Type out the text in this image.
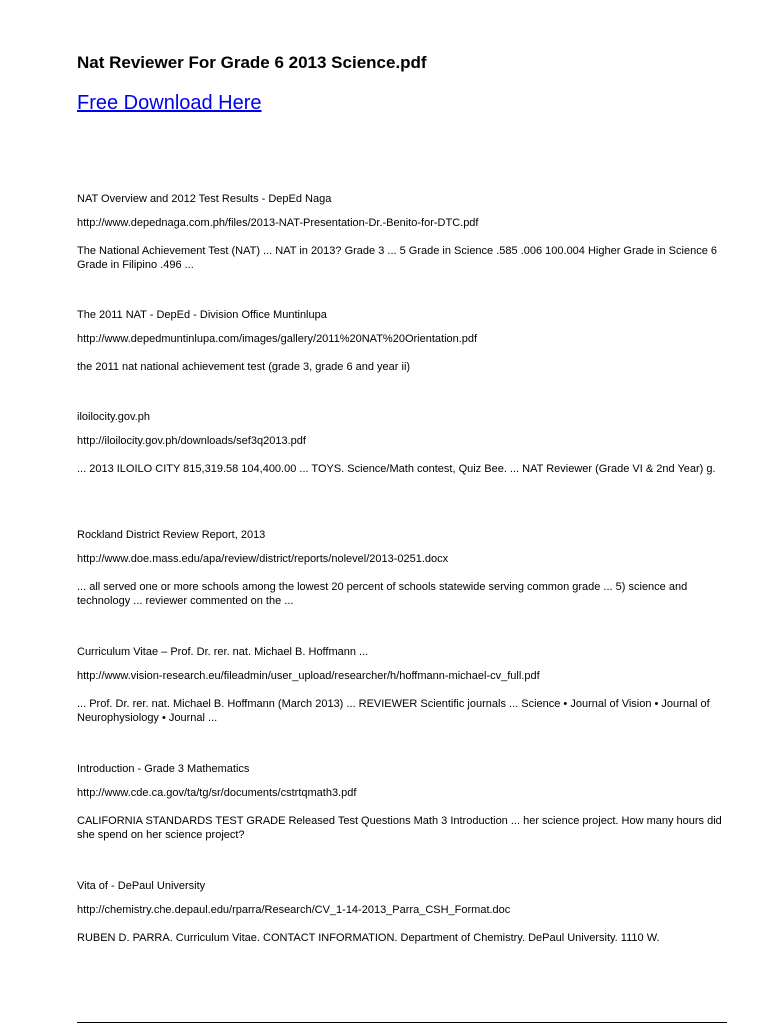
Nat Reviewer For Grade 6 2013 Science.pdf
Free Download Here
NAT Overview and 2012 Test Results - DepEd Naga
http://www.depednaga.com.ph/files/2013-NAT-Presentation-Dr.-Benito-for-DTC.pdf
The National Achievement Test (NAT) ... NAT in 2013? Grade 3 ... 5 Grade in Science .585 .006 100.004 Higher Grade in Science 6 Grade in Filipino .496 ...
The 2011 NAT - DepEd - Division Office Muntinlupa
http://www.depedmuntinlupa.com/images/gallery/2011%20NAT%20Orientation.pdf
the 2011 nat national achievement test (grade 3, grade 6 and year ii)
iloilocity.gov.ph
http://iloilocity.gov.ph/downloads/sef3q2013.pdf
... 2013 ILOILO CITY 815,319.58 104,400.00 ... TOYS. Science/Math contest, Quiz Bee. ... NAT Reviewer (Grade VI & 2nd Year) g.
Rockland District Review Report, 2013
http://www.doe.mass.edu/apa/review/district/reports/nolevel/2013-0251.docx
... all served one or more schools among the lowest 20 percent of schools statewide serving common grade ... 5) science and technology ... reviewer commented on the ...
Curriculum Vitae – Prof. Dr. rer. nat. Michael B. Hoffmann ...
http://www.vision-research.eu/fileadmin/user_upload/researcher/h/hoffmann-michael-cv_full.pdf
... Prof. Dr. rer. nat. Michael B. Hoffmann (March 2013) ... REVIEWER Scientific journals ... Science • Journal of Vision • Journal of Neurophysiology • Journal ...
Introduction - Grade 3 Mathematics
http://www.cde.ca.gov/ta/tg/sr/documents/cstrtqmath3.pdf
CALIFORNIA STANDARDS TEST GRADE Released Test Questions Math 3 Introduction ... her science project. How many hours did she spend on her science project?
Vita of - DePaul University
http://chemistry.che.depaul.edu/rparra/Research/CV_1-14-2013_Parra_CSH_Format.doc
RUBEN D. PARRA. Curriculum Vitae. CONTACT INFORMATION. Department of Chemistry. DePaul University. 1110 W.
